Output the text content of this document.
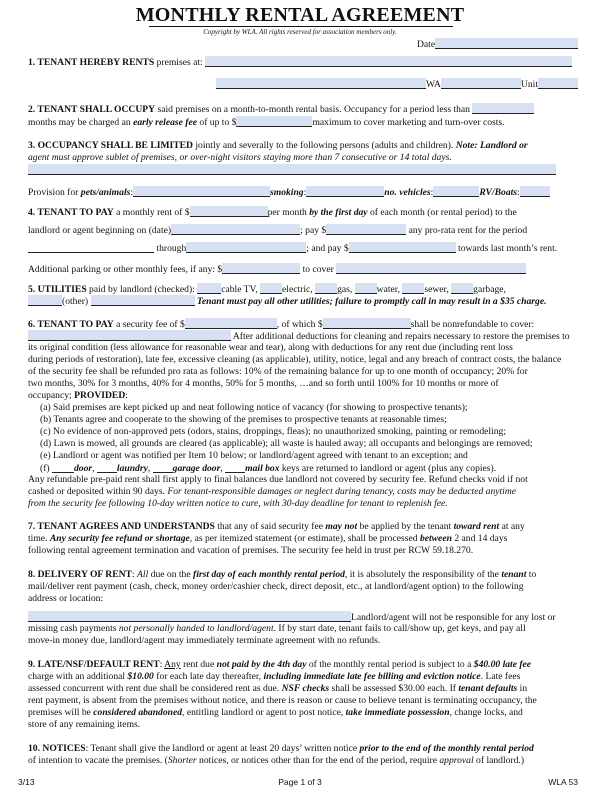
MONTHLY RENTAL AGREEMENT
Copyright by WLA. All rights reserved for association members only.
Date
1. TENANT HEREBY RENTS premises at:
WA	Unit
2. TENANT SHALL OCCUPY said premises on a month-to-month rental basis. Occupancy for a period less than
months may be charged an early release fee of up to $	maximum to cover marketing and turn-over costs.
3. OCCUPANCY SHALL BE LIMITED jointly and severally to the following persons (adults and children). Note: Landlord or
agent must approve sublet of premises, or over-night visitors staying more than 7 consecutive or 14 total days.
Provision for pets/animals:	smoking:	no. vehicles:	RV/Boats:
4. TENANT TO PAY a monthly rent of $	per month by the first day of each month (or rental period) to the
landlord or agent beginning on (date)	; pay $	any pro-rata rent for the period
through	; and pay $	towards last month’s rent.
Additional parking or other monthly fees, if any: $	to cover
5. UTILITIES paid by landlord (checked):	cable TV, electric, gas, water, sewer, garbage,
(other)	Tenant must pay all other utilities; failure to promptly call in may result in a $35 charge.
6. TENANT TO PAY a security fee of $	, of which $	shall be nonrefundable to cover:
After additional deductions for cleaning and repairs necessary to restore the premises to
its original condition (less allowance for reasonable wear and tear), along with deductions for any rent due (including rent loss
during periods of restoration), late fee, excessive cleaning (as applicable), utility, notice, legal and any breach of contract costs, the balance
of the security fee shall be refunded pro rata as follows: 10% of the remaining balance for up to one month of occupancy; 20% for
two months, 30% for 3 months, 40% for 4 months, 50% for 5 months, …and so forth until 100% for 10 months or more of
occupancy; PROVIDED:
(a) Said premises are kept picked up and neat following notice of vacancy (for showing to prospective tenants);
(b) Tenants agree and cooperate to the showing of the premises to prospective tenants at reasonable times;
(c) No evidence of non-approved pets (odors, stains, droppings, fleas); no unauthorized smoking, painting or remodeling;
(d) Lawn is mowed, all grounds are cleared (as applicable); all waste is hauled away; all occupants and belongings are removed;
(e) Landlord or agent was notified per Item 10 below; or landlord/agent agreed with tenant to an exception; and
(f) door, laundry, garage door, mail box keys are returned to landlord or agent (plus any copies).
Any refundable pre-paid rent shall first apply to final balances due landlord not covered by security fee. Refund checks void if not
cashed or deposited within 90 days. For tenant-responsible damages or neglect during tenancy, costs may be deducted anytime
from the security fee following 10-day written notice to cure, with 30-day deadline for tenant to replenish fee.
7. TENANT AGREES AND UNDERSTANDS that any of said security fee may not be applied by the tenant toward rent at any
time. Any security fee refund or shortage, as per itemized statement (or estimate), shall be processed between 2 and 14 days
following rental agreement termination and vacation of premises. The security fee held in trust per RCW 59.18.270.
8. DELIVERY OF RENT: All due on the first day of each monthly rental period, it is absolutely the responsibility of the tenant to
mail/deliver rent payment (cash, check, money order/cashier check, direct deposit, etc., at landlord/agent option) to the following
address or location:
Landlord/agent will not be responsible for any lost or
missing cash payments not personally handed to landlord/agent. If by start date, tenant fails to call/show up, get keys, and pay all
move-in money due, landlord/agent may immediately terminate agreement with no refunds.
9. LATE/NSF/DEFAULT RENT: Any rent due not paid by the 4th day of the monthly rental period is subject to a $40.00 late fee
charge with an additional $10.00 for each late day thereafter, including immediate late fee billing and eviction notice. Late fees
assessed concurrent with rent due shall be considered rent as due. NSF checks shall be assessed $30.00 each. If tenant defaults in
rent payment, is absent from the premises without notice, and there is reason or cause to believe tenant is terminating occupancy, the
premises will be considered abandoned, entitling landlord or agent to post notice, take immediate possession, change locks, and
store of any remaining items.
10. NOTICES: Tenant shall give the landlord or agent at least 20 days’ written notice prior to the end of the monthly rental period
of intention to vacate the premises. (Shorter notices, or notices other than for the end of the period, require approval of landlord.)
3/13	Page 1 of 3	WLA 53
